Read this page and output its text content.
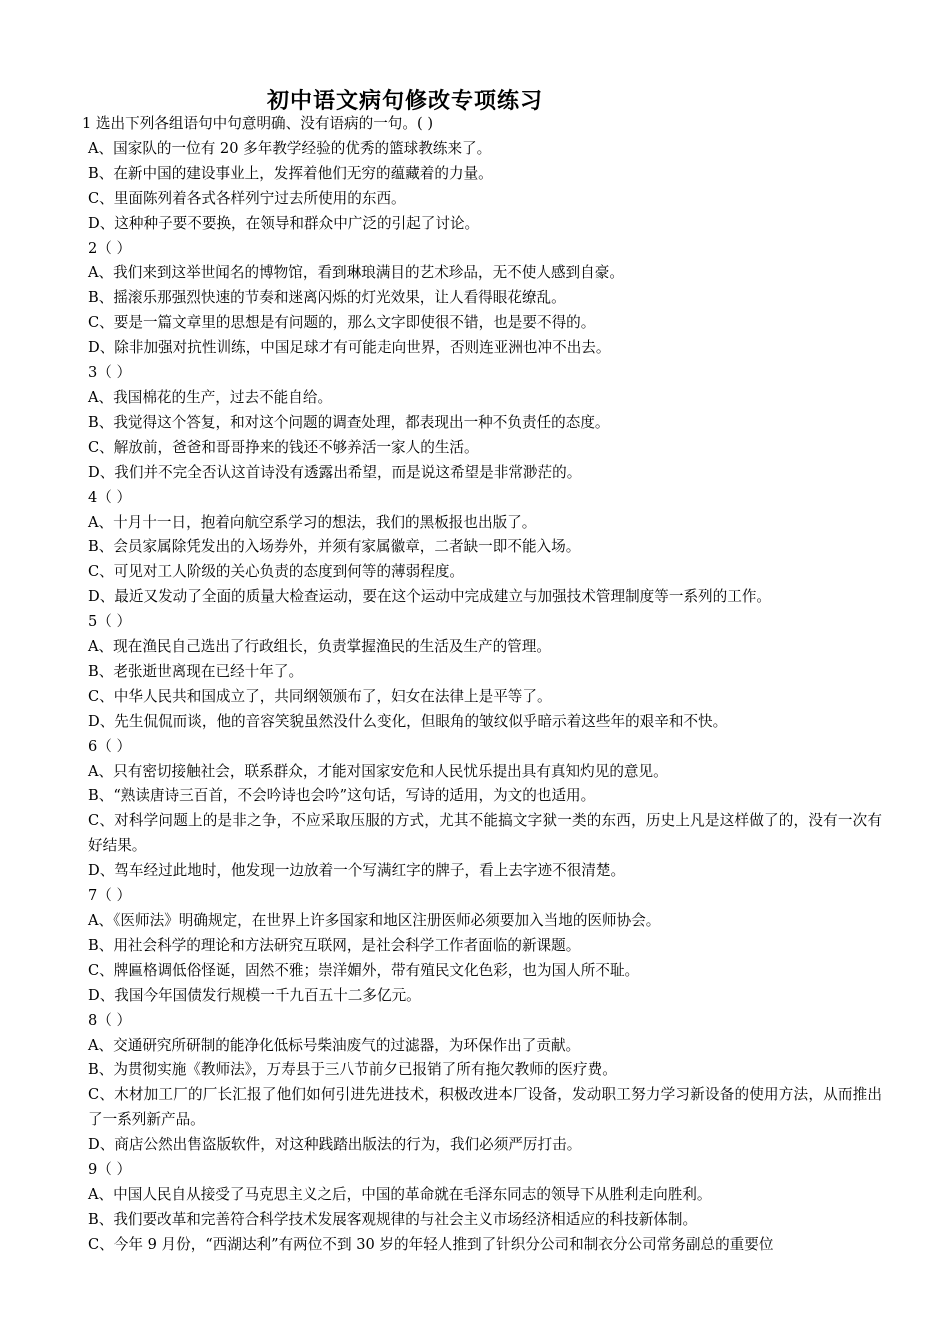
初中语文病句修改专项练习

1 选出下列各组语句中句意明确、没有语病的一句。( )

A、国家队的一位有 20 多年教学经验的优秀的篮球教练来了。

B、在新中国的建设事业上，发挥着他们无穷的蕴藏着的力量。

C、里面陈列着各式各样列宁过去所使用的东西。

D、这种种子要不要换，在领导和群众中广泛的引起了讨论。

2（ ）

A、我们来到这举世闻名的博物馆，看到琳琅满目的艺术珍品，无不使人感到自豪。

B、摇滚乐那强烈快速的节奏和迷离闪烁的灯光效果，让人看得眼花缭乱。

C、要是一篇文章里的思想是有问题的，那么文字即使很不错，也是要不得的。

D、除非加强对抗性训练，中国足球才有可能走向世界，否则连亚洲也冲不出去。

3（ ）

A、我国棉花的生产，过去不能自给。

B、我觉得这个答复，和对这个问题的调查处理，都表现出一种不负责任的态度。

C、解放前，爸爸和哥哥挣来的钱还不够养活一家人的生活。

D、我们并不完全否认这首诗没有透露出希望，而是说这希望是非常渺茫的。

4（ ）

A、十月十一日，抱着向航空系学习的想法，我们的黑板报也出版了。

B、会员家属除凭发出的入场券外，并须有家属徽章，二者缺一即不能入场。

C、可见对工人阶级的关心负责的态度到何等的薄弱程度。

D、最近又发动了全面的质量大检查运动，要在这个运动中完成建立与加强技术管理制度等一系列的工作。

5（ ）

A、现在渔民自己选出了行政组长，负责掌握渔民的生活及生产的管理。

B、老张逝世离现在已经十年了。

C、中华人民共和国成立了，共同纲领颁布了，妇女在法律上是平等了。

D、先生侃侃而谈，他的音容笑貌虽然没什么变化，但眼角的皱纹似乎暗示着这些年的艰辛和不快。

6（ ）

A、只有密切接触社会，联系群众，才能对国家安危和人民忧乐提出具有真知灼见的意见。

B、“熟读唐诗三百首，不会吟诗也会吟”这句话，写诗的适用，为文的也适用。

C、对科学问题上的是非之争，不应采取压服的方式，尤其不能搞文字狱一类的东西，历史上凡是这样做了的，没有一次有好结果。

D、驾车经过此地时，他发现一边放着一个写满红字的牌子，看上去字迹不很清楚。

7（ ）

A、《医师法》明确规定，在世界上许多国家和地区注册医师必须要加入当地的医师协会。

B、用社会科学的理论和方法研究互联网，是社会科学工作者面临的新课题。

C、牌匾格调低俗怪诞，固然不雅；崇洋媚外，带有殖民文化色彩，也为国人所不耻。

D、我国今年国债发行规模一千九百五十二多亿元。

8（ ）

A、交通研究所研制的能净化低标号柴油废气的过滤器，为环保作出了贡献。

B、为贯彻实施《教师法》，万寿县于三八节前夕已报销了所有拖欠教师的医疗费。

C、木材加工厂的厂长汇报了他们如何引进先进技术，积极改进本厂设备，发动职工努力学习新设备的使用方法，从而推出了一系列新产品。

D、商店公然出售盗版软件，对这种践踏出版法的行为，我们必须严厉打击。

9（ ）

A、中国人民自从接受了马克思主义之后，中国的革命就在毛泽东同志的领导下从胜利走向胜利。

B、我们要改革和完善符合科学技术发展客观规律的与社会主义市场经济相适应的科技新体制。

C、今年 9 月份，“西湖达利”有两位不到 30 岁的年轻人推到了针织分公司和制衣分公司常务副总的重要位
